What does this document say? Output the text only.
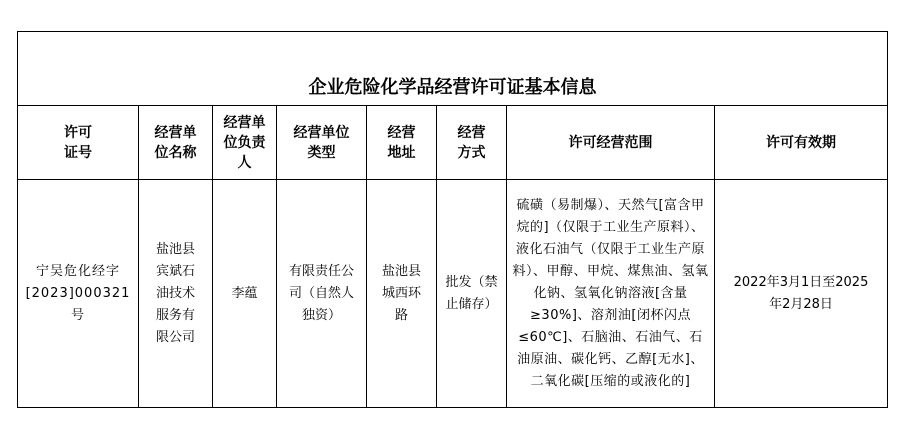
企业危险化学品经营许可证基本信息							
许可证号	经营单位名称	经营单位负责人	经营单位类型	经营地址	经营方式	许可经营范围	许可有效期
宁吴危化经字[2023]000321号	盐池县宾斌石油技术服务有限公司	李蕴	有限责任公司（自然人独资）	盐池县城西环路	批发（禁止储存）	硫磺（易制爆）、天然气[富含甲烷的]（仅限于工业生产原料）、液化石油气（仅限于工业生产原料）、甲醇、甲烷、煤焦油、氢氧化钠、氢氧化钠溶液[含量≥30%]、溶剂油[闭杯闪点≤60℃]、石脑油、石油气、石油原油、碳化钙、乙醇[无水]、二氧化碳[压缩的或液化的]	2022年3月1日至2025年2月28日
